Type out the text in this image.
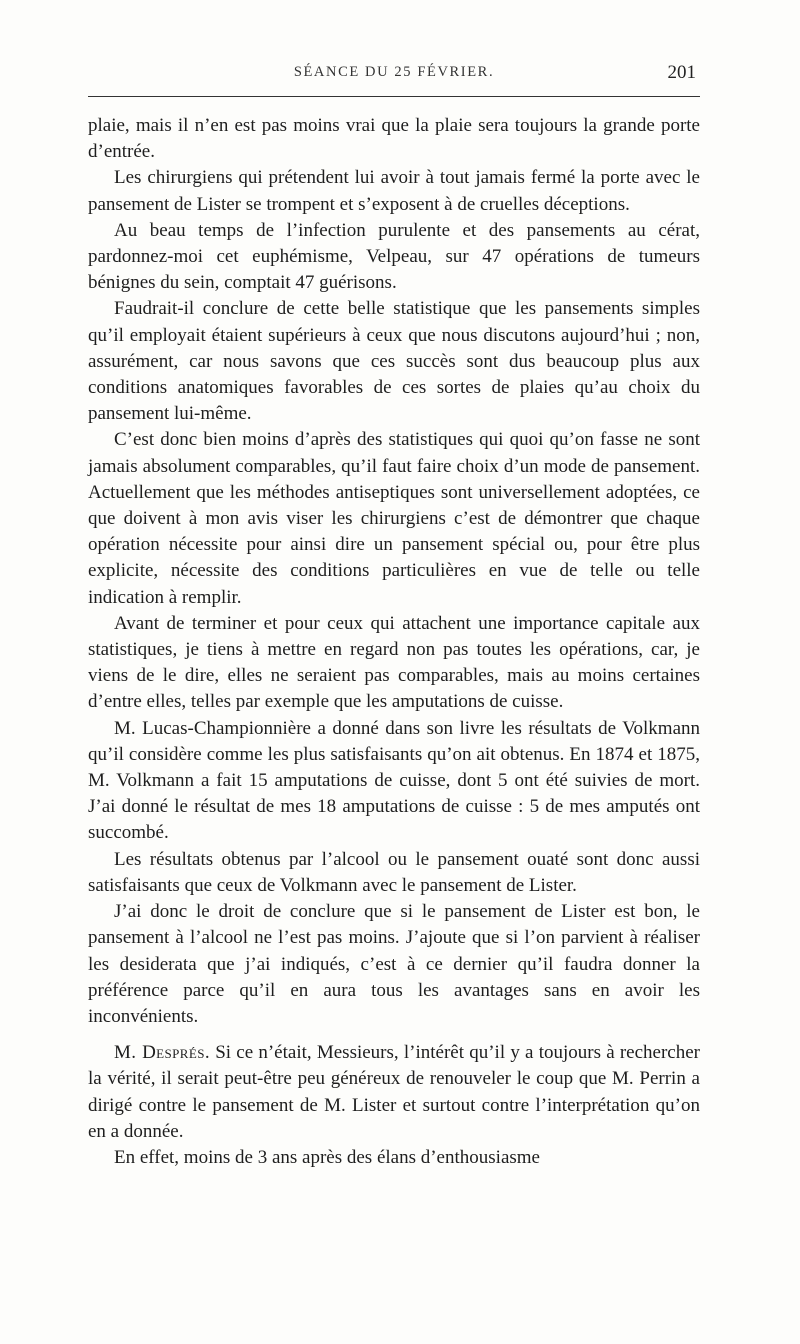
SÉANCE DU 25 FÉVRIER.	201

plaie, mais il n’en est pas moins vrai que la plaie sera toujours la grande porte d’entrée.

Les chirurgiens qui prétendent lui avoir à tout jamais fermé la porte avec le pansement de Lister se trompent et s’exposent à de cruelles déceptions.

Au beau temps de l’infection purulente et des pansements au cérat, pardonnez-moi cet euphémisme, Velpeau, sur 47 opérations de tumeurs bénignes du sein, comptait 47 guérisons.

Faudrait-il conclure de cette belle statistique que les pansements simples qu’il employait étaient supérieurs à ceux que nous discutons aujourd’hui ; non, assurément, car nous savons que ces succès sont dus beaucoup plus aux conditions anatomiques favorables de ces sortes de plaies qu’au choix du pansement lui-même.

C’est donc bien moins d’après des statistiques qui quoi qu’on fasse ne sont jamais absolument comparables, qu’il faut faire choix d’un mode de pansement. Actuellement que les méthodes antiseptiques sont universellement adoptées, ce que doivent à mon avis viser les chirurgiens c’est de démontrer que chaque opération nécessite pour ainsi dire un pansement spécial ou, pour être plus explicite, nécessite des conditions particulières en vue de telle ou telle indication à remplir.

Avant de terminer et pour ceux qui attachent une importance capitale aux statistiques, je tiens à mettre en regard non pas toutes les opérations, car, je viens de le dire, elles ne seraient pas comparables, mais au moins certaines d’entre elles, telles par exemple que les amputations de cuisse.

M. Lucas-Championnière a donné dans son livre les résultats de Volkmann qu’il considère comme les plus satisfaisants qu’on ait obtenus. En 1874 et 1875, M. Volkmann a fait 15 amputations de cuisse, dont 5 ont été suivies de mort. J’ai donné le résultat de mes 18 amputations de cuisse : 5 de mes amputés ont succombé.

Les résultats obtenus par l’alcool ou le pansement ouaté sont donc aussi satisfaisants que ceux de Volkmann avec le pansement de Lister.

J’ai donc le droit de conclure que si le pansement de Lister est bon, le pansement à l’alcool ne l’est pas moins. J’ajoute que si l’on parvient à réaliser les desiderata que j’ai indiqués, c’est à ce dernier qu’il faudra donner la préférence parce qu’il en aura tous les avantages sans en avoir les inconvénients.

M. Després. Si ce n’était, Messieurs, l’intérêt qu’il y a toujours à rechercher la vérité, il serait peut-être peu généreux de renouveler le coup que M. Perrin a dirigé contre le pansement de M. Lister et surtout contre l’interprétation qu’on en a donnée.

En effet, moins de 3 ans après des élans d’enthousiasme
